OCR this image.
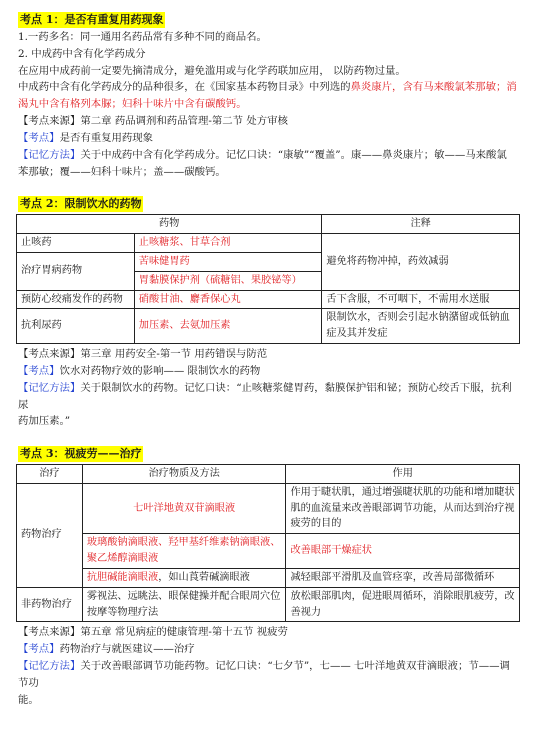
考点 1：是否有重复用药现象

1.一药多名：同一通用名药品常有多种不同的商品名。

2. 中成药中含有化学药成分

在应用中成药前一定要先摘清成分，避免滥用或与化学药联加应用， 以防药物过量。

中成药中含有化学药成分的品种很多，在《国家基本药物目录》中列选的鼻炎康片，含有马来酸氯苯那敏；消渴丸中含有格列本脲；妇科十味片中含有碳酸钙。

【考点来源】第二章 药品调剂和药品管理-第二节 处方审核

【考点】是否有重复用药现象

【记忆方法】关于中成药中含有化学药成分。记忆口诀：“康敏”“覆盖”。康——鼻炎康片；敏——马来酸氯

苯那敏；覆——妇科十味片；盖——碳酸钙。

考点 2：限制饮水的药物
药物		注释
止咳药	止咳糖浆、甘草合剂	避免将药物冲掉，药效减弱
治疗胃病药物	苦味健胃药	
	胃黏膜保护剂（硫糖铝、果胶铋等）	
预防心绞痛发作的药物	硝酸甘油、麝香保心丸	舌下含服，不可咽下，不需用水送服
抗利尿药	加压素、去氨加压素	限制饮水，否则会引起水钠潴留或低钠血症及其并发症

【考点来源】第三章 用药安全-第一节 用药错误与防范

【考点】饮水对药物疗效的影响—— 限制饮水的药物

【记忆方法】关于限制饮水的药物。记忆口诀：“止咳糖浆健胃药，黏膜保护铝和铋；预防心绞舌下服，抗利尿

药加压素。”

考点 3：视疲劳——治疗
治疗	治疗物质及方法	作用
药物治疗	七叶洋地黄双苷滴眼液	作用于睫状肌，通过增强睫状肌的功能和增加睫状肌的血流量来改善眼部调节功能，从而达到治疗视疲劳的目的
	玻璃酸钠滴眼液、羟甲基纤维素钠滴眼液、聚乙烯醇滴眼液	改善眼部干燥症状
	抗胆碱能滴眼液，如山莨菪碱滴眼液	减轻眼部平滑肌及血管痉挛，改善局部微循环
非药物治疗	雾视法、远眺法、眼保健操并配合眼周穴位按摩等物理疗法	放松眼部肌肉，促进眼周循环，消除眼肌疲劳，改善视力

【考点来源】第五章 常见病症的健康管理-第十五节 视疲劳

【考点】药物治疗与就医建议——治疗

【记忆方法】关于改善眼部调节功能药物。记忆口诀：“七夕节”，七—— 七叶洋地黄双苷滴眼液；节——调节功

能。
